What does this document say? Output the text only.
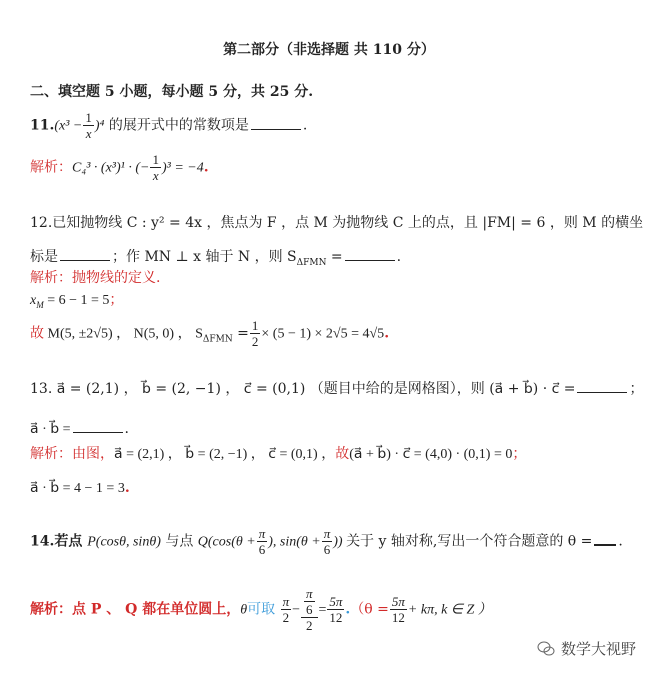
第二部分（非选择题 共 110 分）
二、填空题 5 小题，每小题 5 分，共 25 分.
$11.(x^3 - \frac{1}{x} )^4$ 的展开式中的常数项是	.
解析：C₄³ · (x³)¹ · (− $\frac{1}{x} )^3 = -4$.
12.已知抛物线 C : y² = 4x ，焦点为 F ，点 M 为抛物线 C 上的点，且 |FM| = 6 ，则 M 的横坐
标是	；作 MN ⊥ x 轴于 N ，则 $S_{\Delta FMN}$ =	.
解析：抛物线的定义.
$x_M = 6 - 1 = 5$；
故 M(5, ±2√5) ， N(5, 0) ， $S_{\Delta FMN} = \frac{1}{2} \times (5 - 1) \times 2√5 = 4√5$.
13. a⃗ = (2,1) ， b⃗ = (2, −1) ， c⃗ = (0,1) （题目中给的是网格图），则 (a⃗ + b⃗) · c⃗ =	；
a⃗ · b⃗ =	.
解析：由图，a⃗ = (2,1) ， b⃗ = (2, −1) ， c⃗ = (0,1) ，故(a⃗ + b⃗) · c⃗ = (4,0) · (0,1) = 0；
a⃗ · b⃗ = 4 − 1 = 3.
14.若点 P(cosθ, sinθ) 与点 $Q(\cos(\theta + \frac{\pi}{6}$ ), $\sin(\theta + \frac{\pi}{6}$ )) 关于 y 轴对称,写出一个符合题意的 θ = .
解析：点 P 、 Q 都在单位圆上，θ可取 $\frac{\pi}{2} - \frac{\frac{\pi}{6}}{2} = \frac{5\pi}{12} .(\theta = \frac{5\pi}{12} + k\pi$, k ∈ Z ）
数学大视野
